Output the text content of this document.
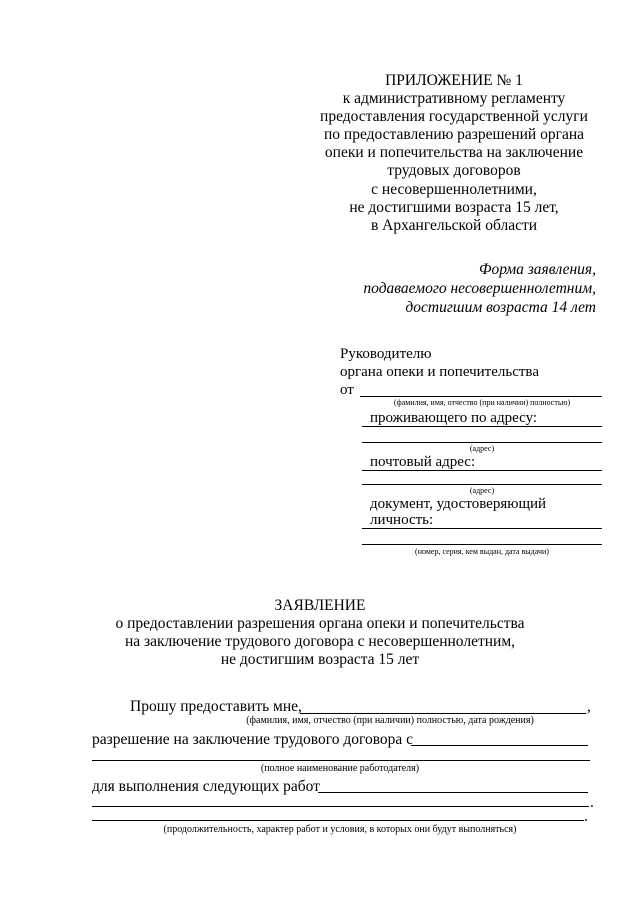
ПРИЛОЖЕНИЕ № 1
к административному регламенту
предоставления государственной услуги
по предоставлению разрешений органа
опеки и попечительства на заключение
трудовых договоров
с несовершеннолетними,
не достигшими возраста 15 лет,
в Архангельской области
Форма заявления,
подаваемого несовершеннолетним,
достигшим возраста 14 лет
Руководителю
органа опеки и попечительства
от
(фамилия, имя, отчество (при наличии) полностью)
проживающего по адресу:
(адрес)
почтовый адрес:
(адрес)
документ, удостоверяющий
личность:
(номер, серия, кем выдан, дата выдачи)
ЗАЯВЛЕНИЕ
о предоставлении разрешения органа опеки и попечительства
на заключение трудового договора с несовершеннолетним,
не достигшим возраста 15 лет
Прошу предоставить мне,	,
(фамилия, имя, отчество (при наличии) полностью, дата рождения)
разрешение на заключение трудового договора с
(полное наименование работодателя)
для выполнения следующих работ
.
.
(продолжительность, характер работ и условия, в которых они будут выполняться)
